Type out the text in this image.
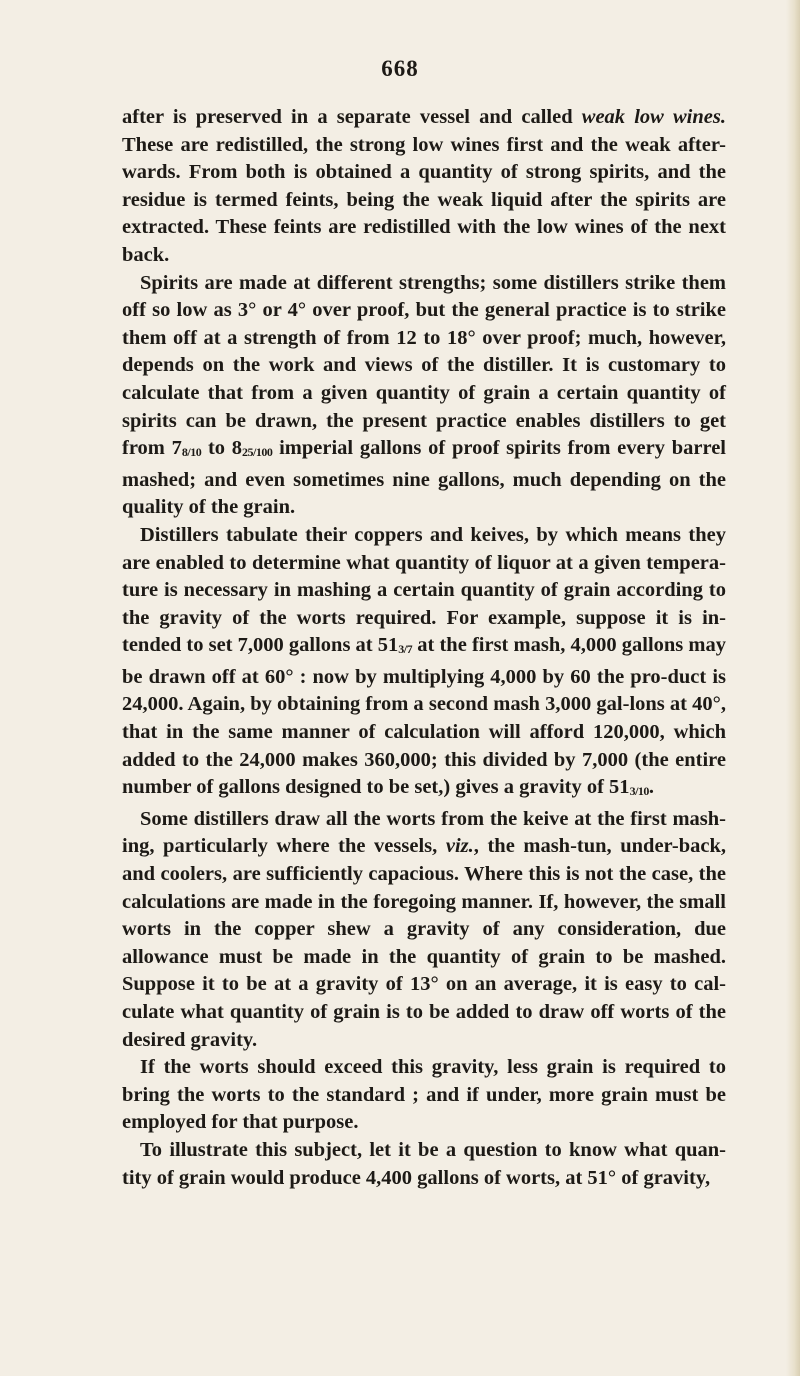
668

after is preserved in a separate vessel and called weak low wines. These are redistilled, the strong low wines first and the weak after-wards. From both is obtained a quantity of strong spirits, and the residue is termed feints, being the weak liquid after the spirits are extracted. These feints are redistilled with the low wines of the next back.

Spirits are made at different strengths; some distillers strike them off so low as 3° or 4° over proof, but the general practice is to strike them off at a strength of from 12 to 18° over proof; much, however, depends on the work and views of the distiller. It is customary to calculate that from a given quantity of grain a certain quantity of spirits can be drawn, the present practice enables distillers to get from 78/10 to 825/100 imperial gallons of proof spirits from every barrel mashed; and even sometimes nine gallons, much depending on the quality of the grain.

Distillers tabulate their coppers and keives, by which means they are enabled to determine what quantity of liquor at a given tempera-ture is necessary in mashing a certain quantity of grain according to the gravity of the worts required. For example, suppose it is in-tended to set 7,000 gallons at 513/7 at the first mash, 4,000 gallons may be drawn off at 60° : now by multiplying 4,000 by 60 the pro-duct is 24,000. Again, by obtaining from a second mash 3,000 gal-lons at 40°, that in the same manner of calculation will afford 120,000, which added to the 24,000 makes 360,000; this divided by 7,000 (the entire number of gallons designed to be set,) gives a gravity of 513/10.

Some distillers draw all the worts from the keive at the first mash-ing, particularly where the vessels, viz., the mash-tun, under-back, and coolers, are sufficiently capacious. Where this is not the case, the calculations are made in the foregoing manner. If, however, the small worts in the copper shew a gravity of any consideration, due allowance must be made in the quantity of grain to be mashed. Suppose it to be at a gravity of 13° on an average, it is easy to cal-culate what quantity of grain is to be added to draw off worts of the desired gravity.

If the worts should exceed this gravity, less grain is required to bring the worts to the standard ; and if under, more grain must be employed for that purpose.

To illustrate this subject, let it be a question to know what quan-tity of grain would produce 4,400 gallons of worts, at 51° of gravity,
